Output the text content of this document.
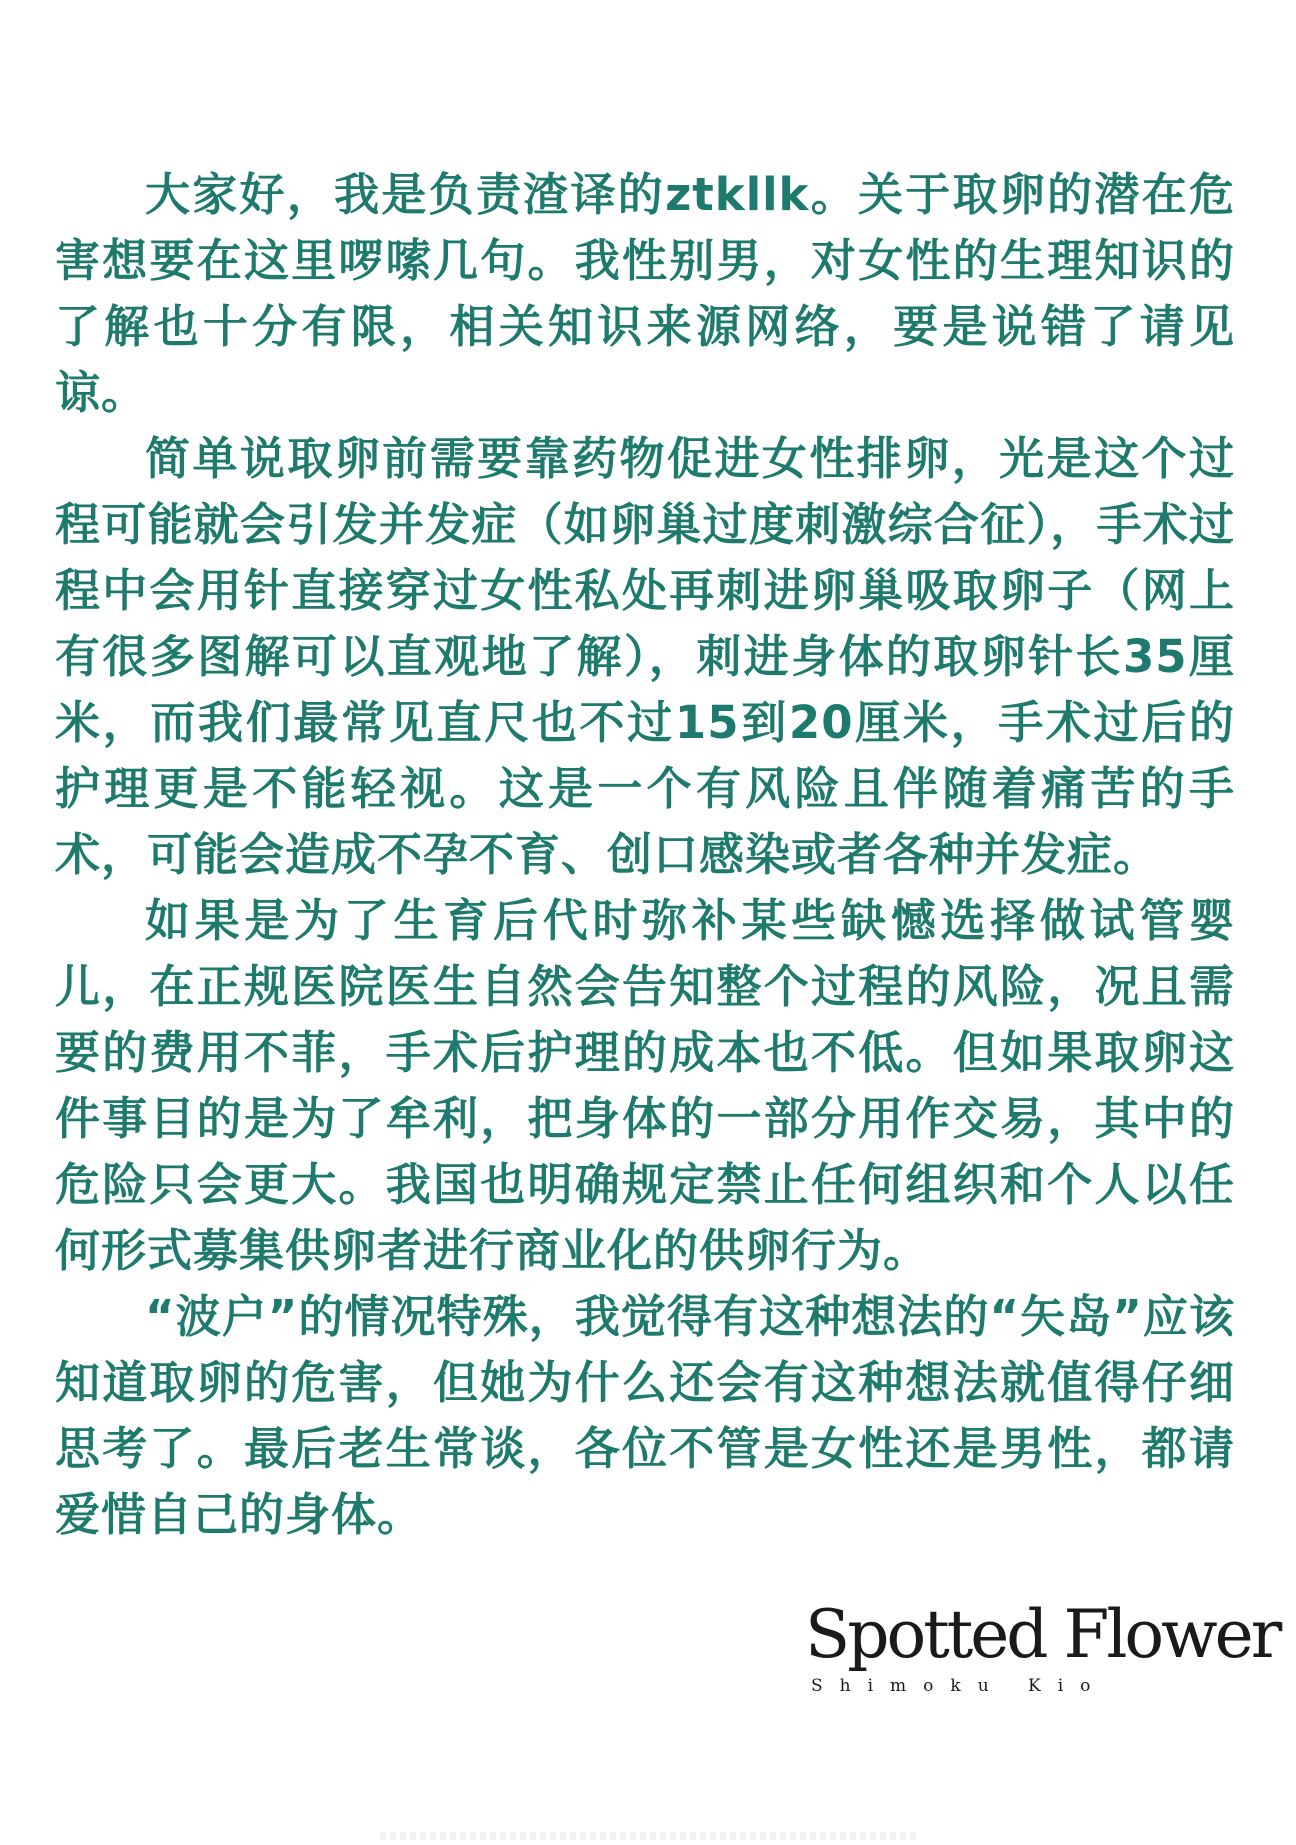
大家好，我是负责渣译的ztkllk。关于取卵的潜在危害想要在这里啰嗦几句。我性别男，对女性的生理知识的了解也十分有限，相关知识来源网络，要是说错了请见谅。

简单说取卵前需要靠药物促进女性排卵，光是这个过程可能就会引发并发症（如卵巢过度刺激综合征），手术过程中会用针直接穿过女性私处再刺进卵巢吸取卵子（网上有很多图解可以直观地了解），刺进身体的取卵针长35厘米，而我们最常见直尺也不过15到20厘米，手术过后的护理更是不能轻视。这是一个有风险且伴随着痛苦的手术，可能会造成不孕不育、创口感染或者各种并发症。

如果是为了生育后代时弥补某些缺憾选择做试管婴儿，在正规医院医生自然会告知整个过程的风险，况且需要的费用不菲，手术后护理的成本也不低。但如果取卵这件事目的是为了牟利，把身体的一部分用作交易，其中的危险只会更大。我国也明确规定禁止任何组织和个人以任何形式募集供卵者进行商业化的供卵行为。

“波户”的情况特殊，我觉得有这种想法的“矢岛”应该知道取卵的危害，但她为什么还会有这种想法就值得仔细思考了。最后老生常谈，各位不管是女性还是男性，都请爱惜自己的身体。

Spotted Flower
Shimoku Kio
